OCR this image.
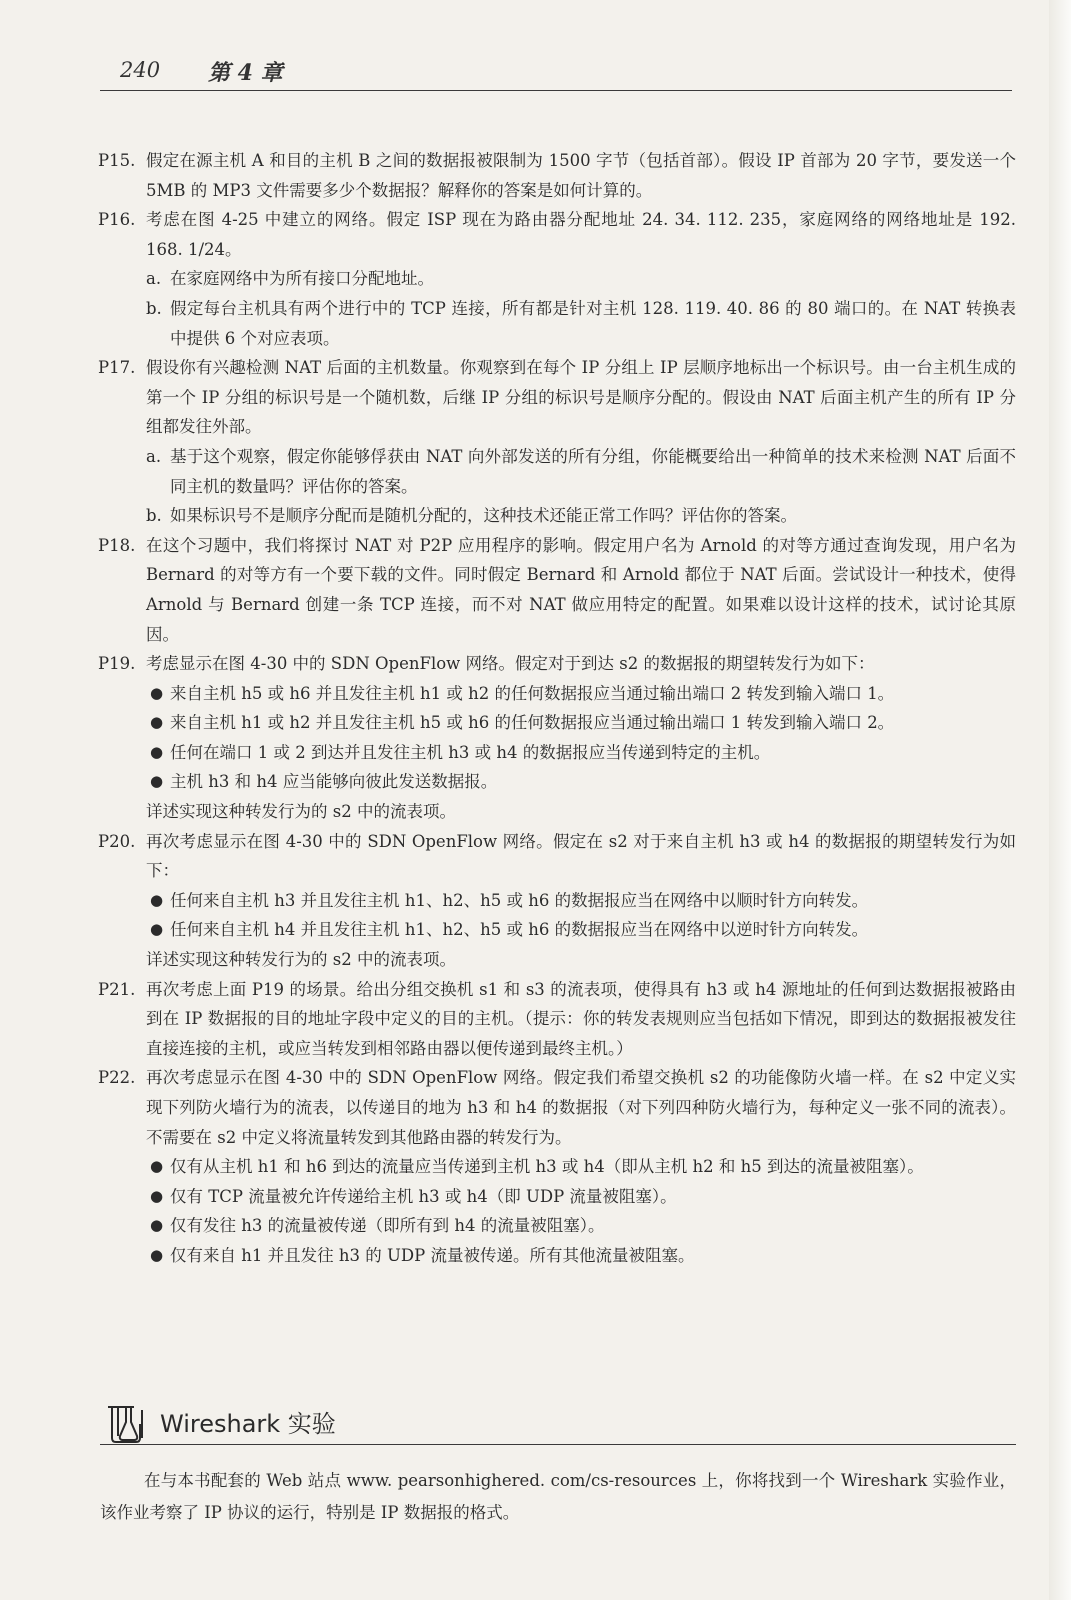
240 第 4 章
P15. 假定在源主机 A 和目的主机 B 之间的数据报被限制为 1500 字节（包括首部）。假设 IP 首部为 20 字节，要发送一个 5MB 的 MP3 文件需要多少个数据报？解释你的答案是如何计算的。
P16. 考虑在图 4-25 中建立的网络。假定 ISP 现在为路由器分配地址 24. 34. 112. 235，家庭网络的网络地址是 192. 168. 1/24。
a. 在家庭网络中为所有接口分配地址。
b. 假定每台主机具有两个进行中的 TCP 连接，所有都是针对主机 128. 119. 40. 86 的 80 端口的。在 NAT 转换表中提供 6 个对应表项。
P17. 假设你有兴趣检测 NAT 后面的主机数量。你观察到在每个 IP 分组上 IP 层顺序地标出一个标识号。由一台主机生成的第一个 IP 分组的标识号是一个随机数，后继 IP 分组的标识号是顺序分配的。假设由 NAT 后面主机产生的所有 IP 分组都发往外部。
a. 基于这个观察，假定你能够俘获由 NAT 向外部发送的所有分组，你能概要给出一种简单的技术来检测 NAT 后面不同主机的数量吗？评估你的答案。
b. 如果标识号不是顺序分配而是随机分配的，这种技术还能正常工作吗？评估你的答案。
P18. 在这个习题中，我们将探讨 NAT 对 P2P 应用程序的影响。假定用户名为 Arnold 的对等方通过查询发现，用户名为 Bernard 的对等方有一个要下载的文件。同时假定 Bernard 和 Arnold 都位于 NAT 后面。尝试设计一种技术，使得 Arnold 与 Bernard 创建一条 TCP 连接，而不对 NAT 做应用特定的配置。如果难以设计这样的技术，试讨论其原因。
P19. 考虑显示在图 4-30 中的 SDN OpenFlow 网络。假定对于到达 s2 的数据报的期望转发行为如下：
● 来自主机 h5 或 h6 并且发往主机 h1 或 h2 的任何数据报应当通过输出端口 2 转发到输入端口 1。
● 来自主机 h1 或 h2 并且发往主机 h5 或 h6 的任何数据报应当通过输出端口 1 转发到输入端口 2。
● 任何在端口 1 或 2 到达并且发往主机 h3 或 h4 的数据报应当传递到特定的主机。
● 主机 h3 和 h4 应当能够向彼此发送数据报。
详述实现这种转发行为的 s2 中的流表项。
P20. 再次考虑显示在图 4-30 中的 SDN OpenFlow 网络。假定在 s2 对于来自主机 h3 或 h4 的数据报的期望转发行为如下：
● 任何来自主机 h3 并且发往主机 h1、h2、h5 或 h6 的数据报应当在网络中以顺时针方向转发。
● 任何来自主机 h4 并且发往主机 h1、h2、h5 或 h6 的数据报应当在网络中以逆时针方向转发。
详述实现这种转发行为的 s2 中的流表项。
P21. 再次考虑上面 P19 的场景。给出分组交换机 s1 和 s3 的流表项，使得具有 h3 或 h4 源地址的任何到达数据报被路由到在 IP 数据报的目的地址字段中定义的目的主机。（提示：你的转发表规则应当包括如下情况，即到达的数据报被发往直接连接的主机，或应当转发到相邻路由器以便传递到最终主机。）
P22. 再次考虑显示在图 4-30 中的 SDN OpenFlow 网络。假定我们希望交换机 s2 的功能像防火墙一样。在 s2 中定义实现下列防火墙行为的流表，以传递目的地为 h3 和 h4 的数据报（对下列四种防火墙行为，每种定义一张不同的流表）。不需要在 s2 中定义将流量转发到其他路由器的转发行为。
● 仅有从主机 h1 和 h6 到达的流量应当传递到主机 h3 或 h4（即从主机 h2 和 h5 到达的流量被阻塞）。
● 仅有 TCP 流量被允许传递给主机 h3 或 h4（即 UDP 流量被阻塞）。
● 仅有发往 h3 的流量被传递（即所有到 h4 的流量被阻塞）。
● 仅有来自 h1 并且发往 h3 的 UDP 流量被传递。所有其他流量被阻塞。
Wireshark 实验
在与本书配套的 Web 站点 www. pearsonhighered. com/cs-resources 上，你将找到一个 Wireshark 实验作业，该作业考察了 IP 协议的运行，特别是 IP 数据报的格式。
